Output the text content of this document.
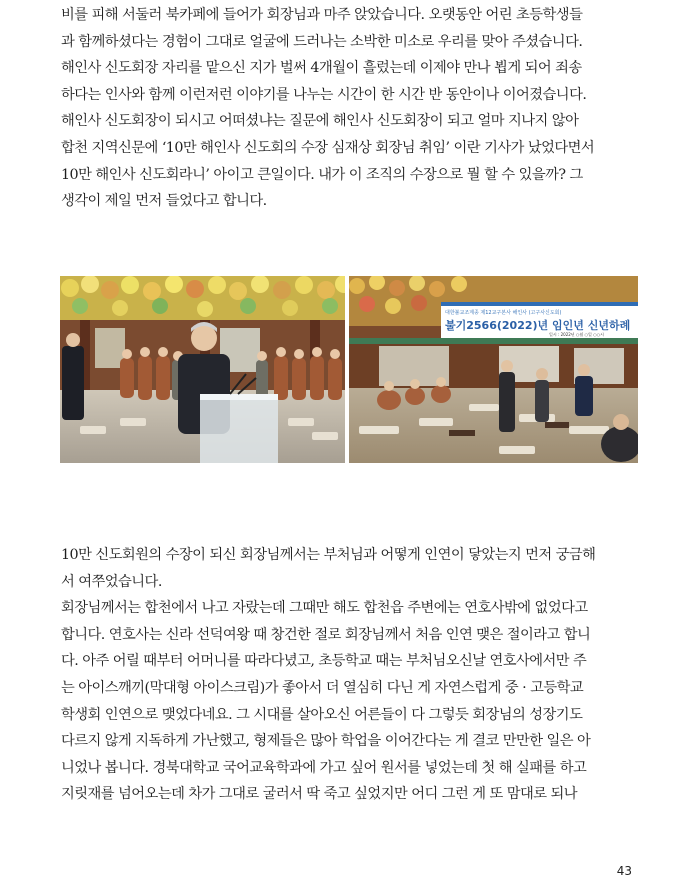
비를 피해 서둘러 북카페에 들어가 회장님과 마주 앉았습니다. 오랫동안 어린 초등학생들
과 함께하셨다는 경험이 그대로 얼굴에 드러나는 소박한 미소로 우리를 맞아 주셨습니다.
해인사 신도회장 자리를 맡으신 지가 벌써 4개월이 흘렀는데 이제야 만나 뵙게 되어 죄송
하다는 인사와 함께 이런저런 이야기를 나누는 시간이 한 시간 반 동안이나 이어졌습니다.
해인사 신도회장이 되시고 어떠셨냐는 질문에 해인사 신도회장이 되고 얼마 지나지 않아
합천 지역신문에 ‘10만 해인사 신도회의 수장 심재상 회장님 취임’ 이란 기사가 났었다면서
10만 해인사 신도회라니’ 아이고 큰일이다. 내가 이 조직의 수장으로 뭘 할 수 있을까? 그
생각이 제일 먼저 들었다고 합니다.
대한불교조계종 제12교구본사 해인사 (고구사신도회)
불기2566(2022)년 임인년 신년하례
일시 : 2022년 ○월 ○일 ○○시
10만 신도회원의 수장이 되신 회장님께서는 부처님과 어떻게 인연이 닿았는지 먼저 궁금해
서 여쭈었습니다.
회장님께서는 합천에서 나고 자랐는데 그때만 해도 합천읍 주변에는 연호사밖에 없었다고
합니다. 연호사는 신라 선덕여왕 때 창건한 절로 회장님께서 처음 인연 맺은 절이라고 합니
다. 아주 어릴 때부터 어머니를 따라다녔고, 초등학교 때는 부처님오신날 연호사에서만 주
는 아이스깨끼(막대형 아이스크림)가 좋아서 더 열심히 다닌 게 자연스럽게 중 · 고등학교
학생회 인연으로 맺었다네요. 그 시대를 살아오신 어른들이 다 그렇듯 회장님의 성장기도
다르지 않게 지독하게 가난했고, 형제들은 많아 학업을 이어간다는 게 결코 만만한 일은 아
니었나 봅니다. 경북대학교 국어교육학과에 가고 싶어 원서를 넣었는데 첫 해 실패를 하고
지릿재를 넘어오는데 차가 그대로 굴러서 딱 죽고 싶었지만 어디 그런 게 또 맘대로 되나
43
